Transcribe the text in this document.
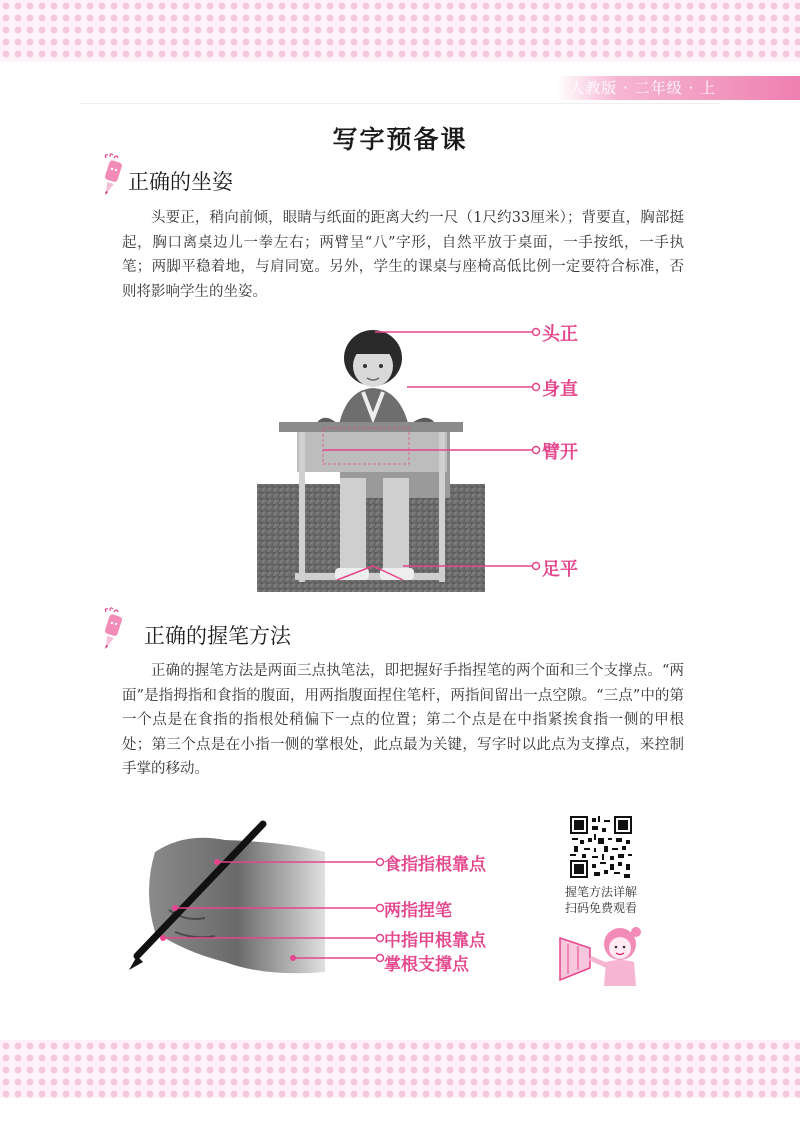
人教版 · 二年级 · 上
写字预备课
正确的坐姿

头要正，稍向前倾，眼睛与纸面的距离大约一尺（1尺约33厘米）；背要直，胸部挺起，胸口离桌边儿一拳左右；两臂呈“八”字形，自然平放于桌面，一手按纸，一手执笔；两脚平稳着地，与肩同宽。另外，学生的课桌与座椅高低比例一定要符合标准，否则将影响学生的坐姿。

头正
身直
臂开
足平
正确的握笔方法

正确的握笔方法是两面三点执笔法，即把握好手指捏笔的两个面和三个支撑点。“两面”是指拇指和食指的腹面，用两指腹面捏住笔杆，两指间留出一点空隙。“三点”中的第一个点是在食指的指根处稍偏下一点的位置；第二个点是在中指紧挨食指一侧的甲根处；第三个点是在小指一侧的掌根处，此点最为关键，写字时以此点为支撑点，来控制手掌的移动。

食指指根靠点
两指捏笔
中指甲根靠点
掌根支撑点
握笔方法详解
扫码免费观看
